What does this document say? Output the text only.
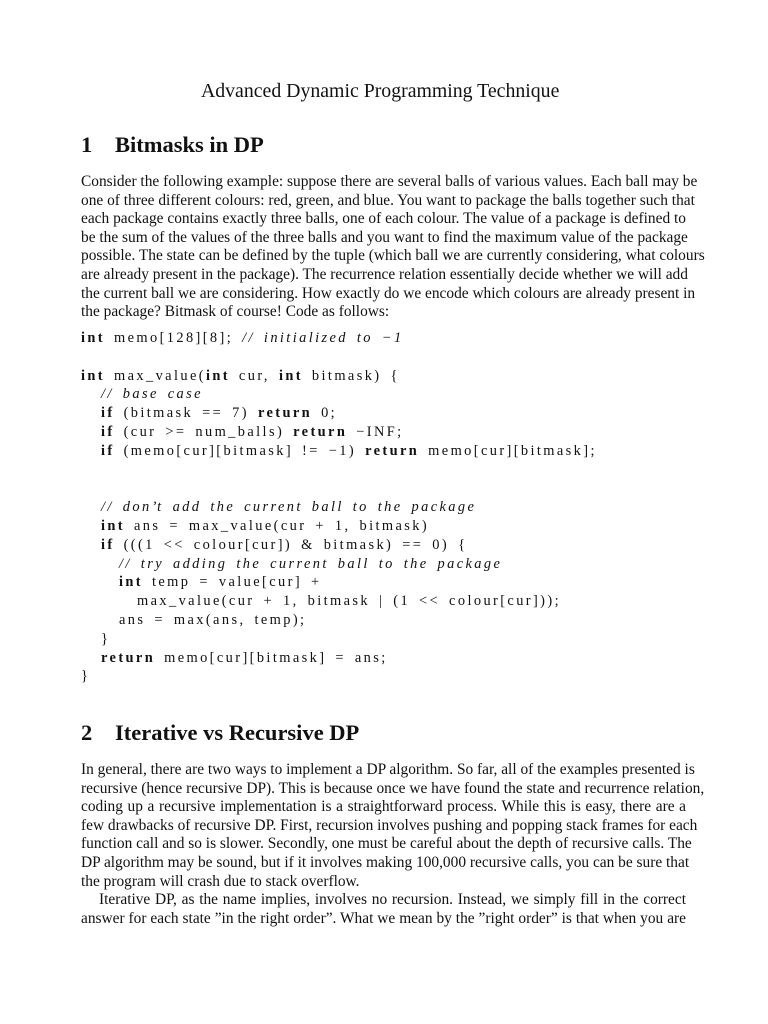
Advanced Dynamic Programming Technique
1 Bitmasks in DP
Consider the following example: suppose there are several balls of various values. Each ball may be
one of three different colours: red, green, and blue. You want to package the balls together such that
each package contains exactly three balls, one of each colour. The value of a package is defined to
be the sum of the values of the three balls and you want to find the maximum value of the package
possible. The state can be defined by the tuple (which ball we are currently considering, what colours
are already present in the package). The recurrence relation essentially decide whether we will add
the current ball we are considering. How exactly do we encode which colours are already present in
the package? Bitmask of course! Code as follows:
int memo[128][8]; // initialized to −1
int max_value(int cur, int bitmask) {
// base case
if (bitmask == 7) return 0;
if (cur >= num_balls) return −INF;
if (memo[cur][bitmask] != −1) return memo[cur][bitmask];
// don’t add the current ball to the package
int ans = max_value(cur + 1, bitmask)
if (((1 << colour[cur]) & bitmask) == 0) {
// try adding the current ball to the package
int temp = value[cur] +
max_value(cur + 1, bitmask | (1 << colour[cur]));
ans = max(ans, temp);
}
return memo[cur][bitmask] = ans;
}
2 Iterative vs Recursive DP
In general, there are two ways to implement a DP algorithm. So far, all of the examples presented is
recursive (hence recursive DP). This is because once we have found the state and recurrence relation,
coding up a recursive implementation is a straightforward process. While this is easy, there are a
few drawbacks of recursive DP. First, recursion involves pushing and popping stack frames for each
function call and so is slower. Secondly, one must be careful about the depth of recursive calls. The
DP algorithm may be sound, but if it involves making 100,000 recursive calls, you can be sure that
the program will crash due to stack overflow.
Iterative DP, as the name implies, involves no recursion. Instead, we simply fill in the correct
answer for each state ”in the right order”. What we mean by the ”right order” is that when you are
